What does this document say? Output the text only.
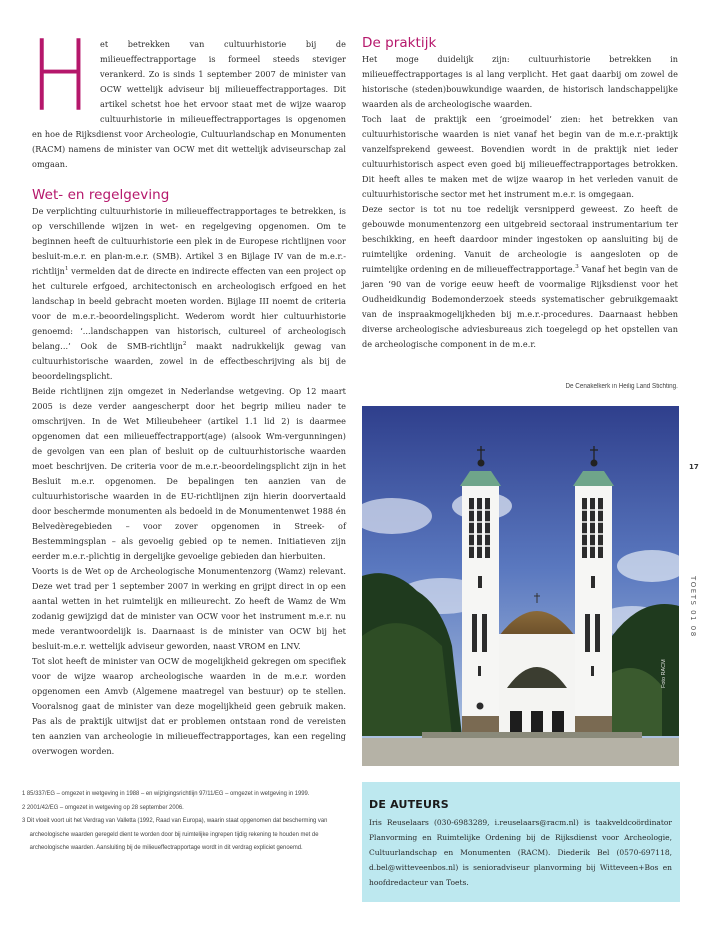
H	et betrekken van cultuurhistorie bij de milieueffectrapportage is formeel steeds steviger verankerd. Zo is sinds 1 september 2007 de minister van OCW wettelijk adviseur bij milieueffectrapportages. Dit artikel schetst hoe het ervoor staat met de wijze waarop cultuurhistorie in milieueffectrapportages is opgenomen en hoe de Rijksdienst voor Archeologie, Cultuurlandschap en Monumenten (RACM) namens de minister van OCW met dit wettelijk adviseurschap zal omgaan.

Wet- en regelgeving

De verplichting cultuurhistorie in milieueffectrapportages te betrekken, is op verschillende wijzen in wet- en regelgeving opgenomen. Om te beginnen heeft de cultuurhistorie een plek in de Europese richtlijnen voor besluit-m.e.r. en plan-m.e.r. (SMB). Artikel 3 en Bijlage IV van de m.e.r.-richtlijn$^1$ vermelden dat de directe en indirecte effecten van een project op het culturele erfgoed, architectonisch en archeologisch erfgoed en het landschap in beeld gebracht moeten worden. Bijlage III noemt de criteria voor de m.e.r.-beoordelingsplicht. Wederom wordt hier cultuurhistorie genoemd: ‘...landschappen van historisch, cultureel of archeologisch belang...’ Ook de SMB-richtlijn$^2$ maakt nadrukkelijk gewag van cultuurhistorische waarden, zowel in de effectbeschrijving als bij de beoordelingsplicht.

Beide richtlijnen zijn omgezet in Nederlandse wetgeving. Op 12 maart 2005 is deze verder aangescherpt door het begrip milieu nader te omschrijven. In de Wet Milieubeheer (artikel 1.1 lid 2) is daarmee opgenomen dat een milieueffectrapport(age) (alsook Wm-vergunningen) de gevolgen van een plan of besluit op de cultuurhistorische waarden moet beschrijven. De criteria voor de m.e.r.-beoordelingsplicht zijn in het Besluit m.e.r. opgenomen. De bepalingen ten aanzien van de cultuurhistorische waarden in de EU-richtlijnen zijn hierin doorvertaald door beschermde monumenten als bedoeld in de Monumentenwet 1988 én Belvedèregebieden – voor zover opgenomen in Streek- of Bestemmingsplan – als gevoelig gebied op te nemen. Initiatieven zijn eerder m.e.r.-plichtig in dergelijke gevoelige gebieden dan hierbuiten.

Voorts is de Wet op de Archeologische Monumentenzorg (Wamz) relevant. Deze wet trad per 1 september 2007 in werking en grijpt direct in op een aantal wetten in het ruimtelijk en milieurecht. Zo heeft de Wamz de Wm zodanig gewijzigd dat de minister van OCW voor het instrument m.e.r. nu mede verantwoordelijk is. Daarnaast is de minister van OCW bij het besluit-m.e.r. wettelijk adviseur geworden, naast VROM en LNV.

Tot slot heeft de minister van OCW de mogelijkheid gekregen om specifiek voor de wijze waarop archeologische waarden in de m.e.r. worden opgenomen een Amvb (Algemene maatregel van bestuur) op te stellen. Vooralsnog gaat de minister van deze mogelijkheid geen gebruik maken. Pas als de praktijk uitwijst dat er problemen ontstaan rond de vereisten ten aanzien van archeologie in milieueffectrapportages, kan een regeling overwogen worden.

De praktijk

Het moge duidelijk zijn: cultuurhistorie betrekken in milieueffectrapportages is al lang verplicht. Het gaat daarbij om zowel de historische (steden)bouwkundige waarden, de historisch landschappelijke waarden als de archeologische waarden.

Toch laat de praktijk een ‘groeimodel’ zien: het betrekken van cultuurhistorische waarden is niet vanaf het begin van de m.e.r.-praktijk vanzelfsprekend geweest. Bovendien wordt in de praktijk niet ieder cultuurhistorisch aspect even goed bij milieueffectrapportages betrokken. Dit heeft alles te maken met de wijze waarop in het verleden vanuit de cultuurhistorische sector met het instrument m.e.r. is omgegaan.

Deze sector is tot nu toe redelijk versnipperd geweest. Zo heeft de gebouwde monumentenzorg een uitgebreid sectoraal instrumentarium ter beschikking, en heeft daardoor minder ingestoken op aansluiting bij de ruimtelijke ordening. Vanuit de archeologie is aangesloten op de ruimtelijke ordening en de milieueffectrapportage.$^3$ Vanaf het begin van de jaren ’90 van de vorige eeuw heeft de voormalige Rijksdienst voor het Oudheidkundig Bodemonderzoek steeds systematischer gebruikgemaakt van de inspraakmogelijkheden bij m.e.r.-procedures. Daarnaast hebben diverse archeologische adviesbureaus zich toegelegd op het opstellen van de archeologische component in de m.e.r.

De Cenakelkerk in Heilig Land Stichting.
Foto RACM
17
TOETS 01 08
1 85/337/EG – omgezet in wetgeving in 1988 – en wijzigingsrichtlijn 97/11/EG – omgezet in wetgeving in 1999.
2 2001/42/EG – omgezet in wetgeving op 28 september 2006.
3 Dit vloeit voort uit het Verdrag van Valletta (1992, Raad van Europa), waarin staat opgenomen dat bescherming van archeologische waarden geregeld dient te worden door bij ruimtelijke ingrepen tijdig rekening te houden met de archeologische waarden. Aansluiting bij de milieueffectrapportage wordt in dit verdrag expliciet genoemd.
DE AUTEURS

Iris Reuselaars (030-6983289, i.reuselaars@racm.nl) is taakveldcoördinator Planvorming en Ruimtelijke Ordening bij de Rijksdienst voor Archeologie, Cultuurlandschap en Monumenten (RACM). Diederik Bel (0570-697118, d.bel@witteveenbos.nl) is senioradviseur planvorming bij Witteveen+Bos en hoofdredacteur van Toets.
